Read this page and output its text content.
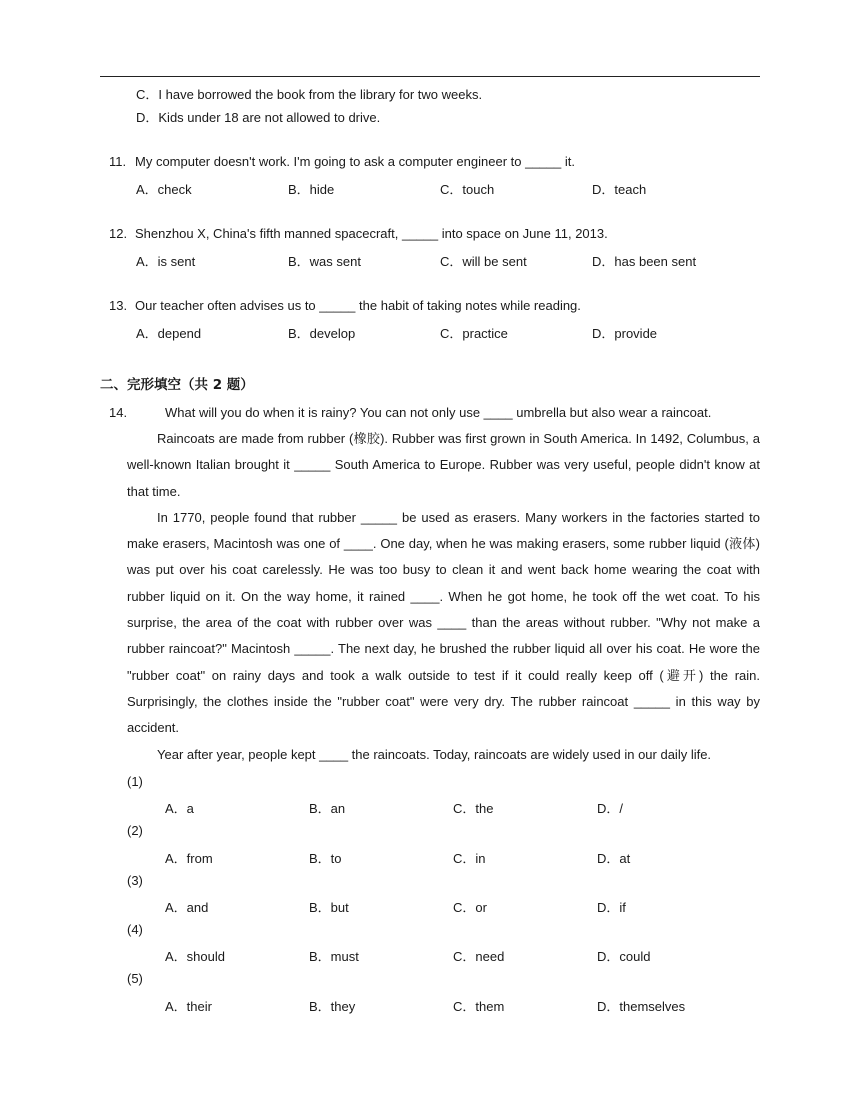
C．I have borrowed the book from the library for two weeks.
D．Kids under 18 are not allowed to drive.
11. My computer doesn't work. I'm going to ask a computer engineer to _____ it.
A．check	B．hide	C．touch	D．teach
12. Shenzhou X, China's fifth manned spacecraft, _____ into space on June 11, 2013.
A．is sent	B．was sent	C．will be sent	D．has been sent
13. Our teacher often advises us to _____ the habit of taking notes while reading.
A．depend	B．develop	C．practice	D．provide
二、完形填空（共 2 题）
14.	What will you do when it is rainy? You can not only use ____ umbrella but also wear a raincoat.

Raincoats are made from rubber (橡胶). Rubber was first grown in South America. In 1492, Columbus, a well-known Italian brought it _____ South America to Europe. Rubber was very useful, people didn't know at that time.

In 1770, people found that rubber _____ be used as erasers. Many workers in the factories started to make erasers, Macintosh was one of ____. One day, when he was making erasers, some rubber liquid (液体) was put over his coat carelessly. He was too busy to clean it and went back home wearing the coat with rubber liquid on it. On the way home, it rained ____. When he got home, he took off the wet coat. To his surprise, the area of the coat with rubber over was ____ than the areas without rubber. "Why not make a rubber raincoat?" Macintosh _____. The next day, he brushed the rubber liquid all over his coat. He wore the "rubber coat" on rainy days and took a walk outside to test if it could really keep off (避开) the rain. Surprisingly, the clothes inside the "rubber coat" were very dry. The rubber raincoat _____ in this way by accident.

Year after year, people kept ____ the raincoats. Today, raincoats are widely used in our daily life.

(1)
A．a	B．an	C．the	D．/
(2)
A．from	B．to	C．in	D．at
(3)
A．and	B．but	C．or	D．if
(4)
A．should	B．must	C．need	D．could
(5)
A．their	B．they	C．them	D．themselves
